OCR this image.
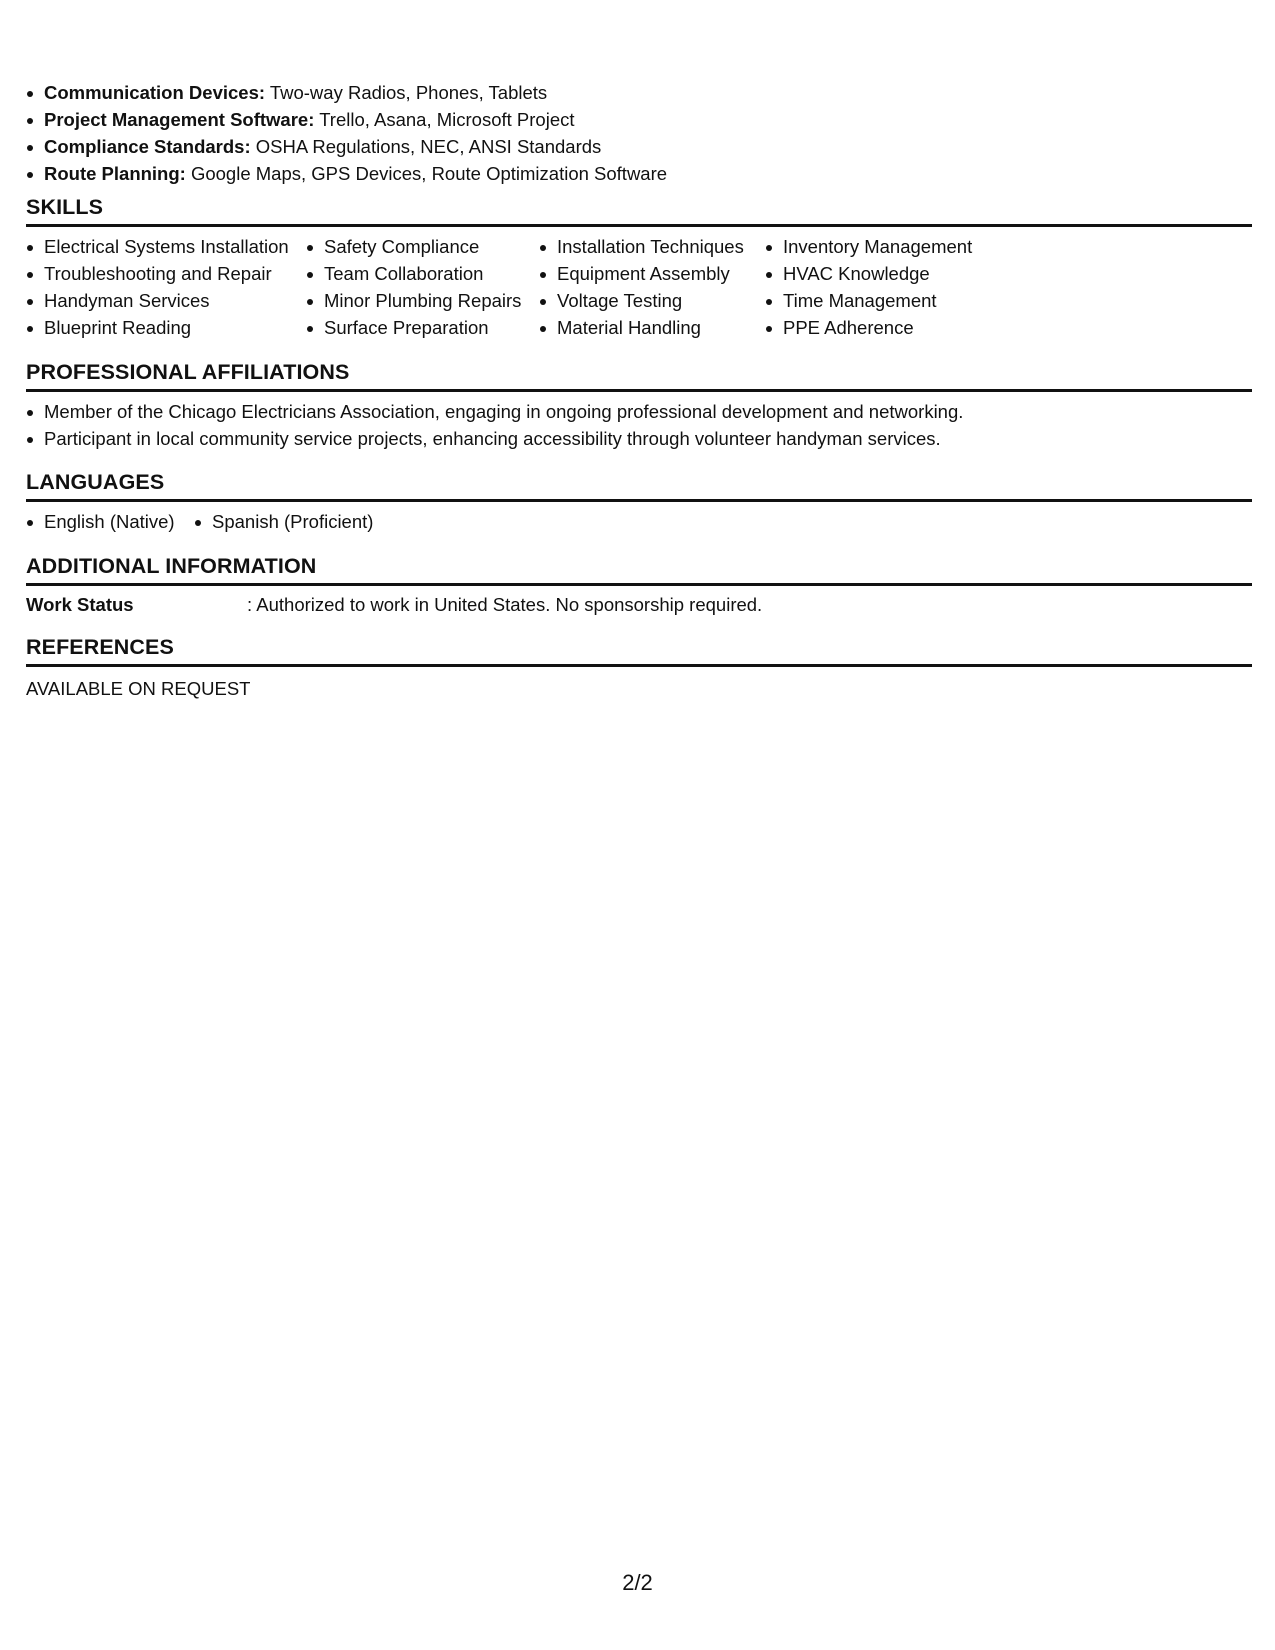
Communication Devices: Two-way Radios, Phones, Tablets
Project Management Software: Trello, Asana, Microsoft Project
Compliance Standards: OSHA Regulations, NEC, ANSI Standards
Route Planning: Google Maps, GPS Devices, Route Optimization Software
SKILLS
Electrical Systems Installation
Troubleshooting and Repair
Handyman Services
Blueprint Reading
Safety Compliance
Team Collaboration
Minor Plumbing Repairs
Surface Preparation
Installation Techniques
Equipment Assembly
Voltage Testing
Material Handling
Inventory Management
HVAC Knowledge
Time Management
PPE Adherence
PROFESSIONAL AFFILIATIONS
Member of the Chicago Electricians Association, engaging in ongoing professional development and networking.
Participant in local community service projects, enhancing accessibility through volunteer handyman services.
LANGUAGES
English (Native)	Spanish (Proficient)
ADDITIONAL INFORMATION
Work Status	: Authorized to work in United States. No sponsorship required.
REFERENCES
AVAILABLE ON REQUEST
2/2
